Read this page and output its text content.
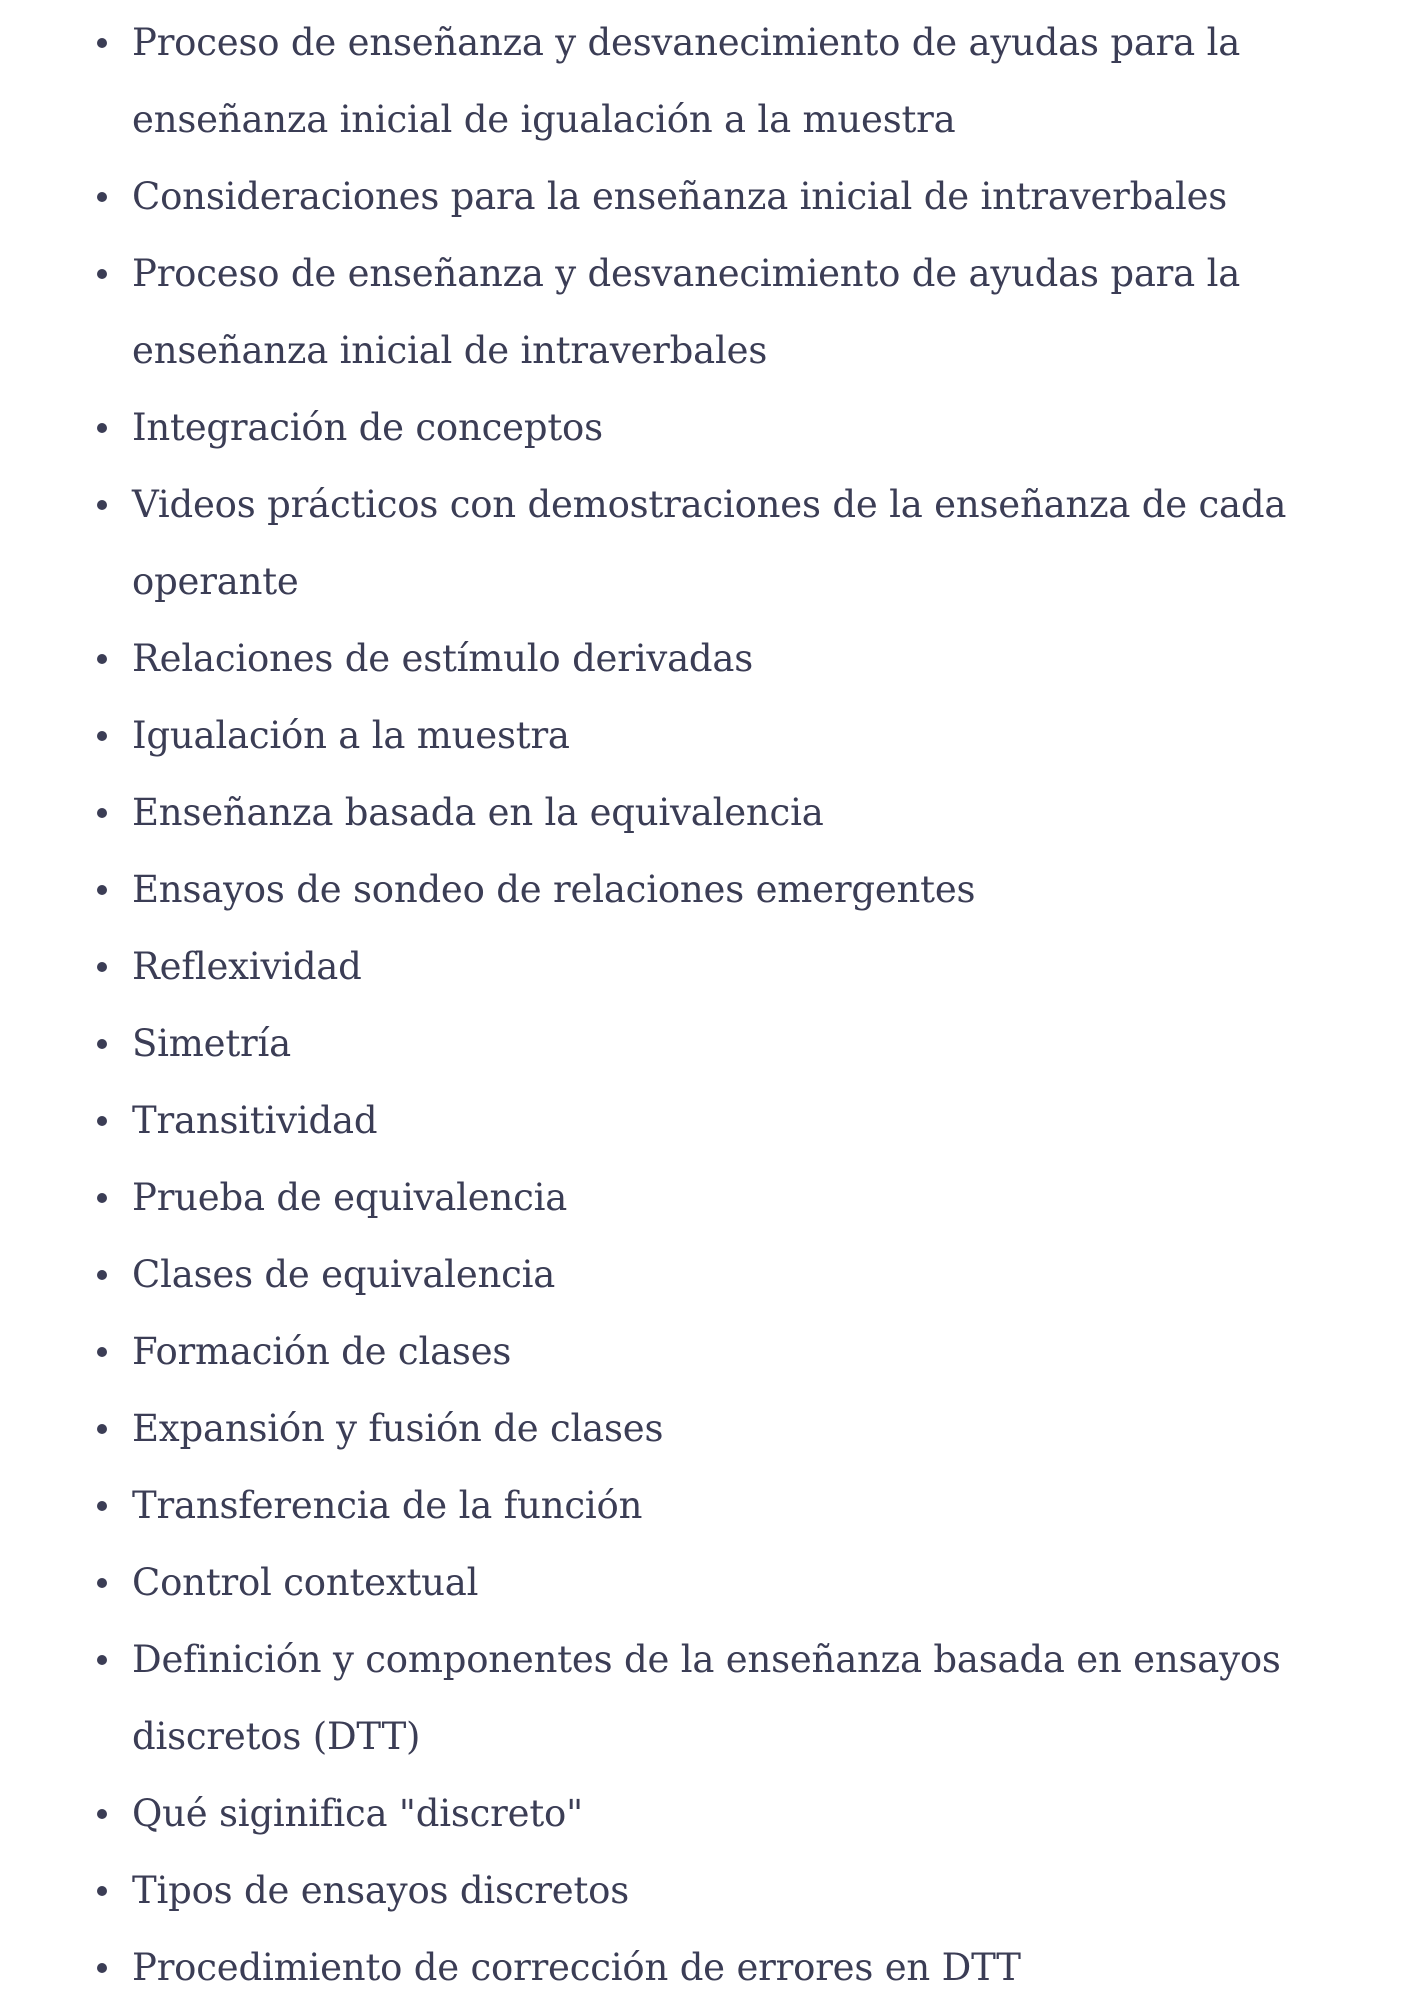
Proceso de enseñanza y desvanecimiento de ayudas para la enseñanza inicial de igualación a la muestra
Consideraciones para la enseñanza inicial de intraverbales
Proceso de enseñanza y desvanecimiento de ayudas para la enseñanza inicial de intraverbales
Integración de conceptos
Videos prácticos con demostraciones de la enseñanza de cada operante
Relaciones de estímulo derivadas
Igualación a la muestra
Enseñanza basada en la equivalencia
Ensayos de sondeo de relaciones emergentes
Reflexividad
Simetría
Transitividad
Prueba de equivalencia
Clases de equivalencia
Formación de clases
Expansión y fusión de clases
Transferencia de la función
Control contextual
Definición y componentes de la enseñanza basada en ensayos discretos (DTT)
Qué siginifica "discreto"
Tipos de ensayos discretos
Procedimiento de corrección de errores en DTT
